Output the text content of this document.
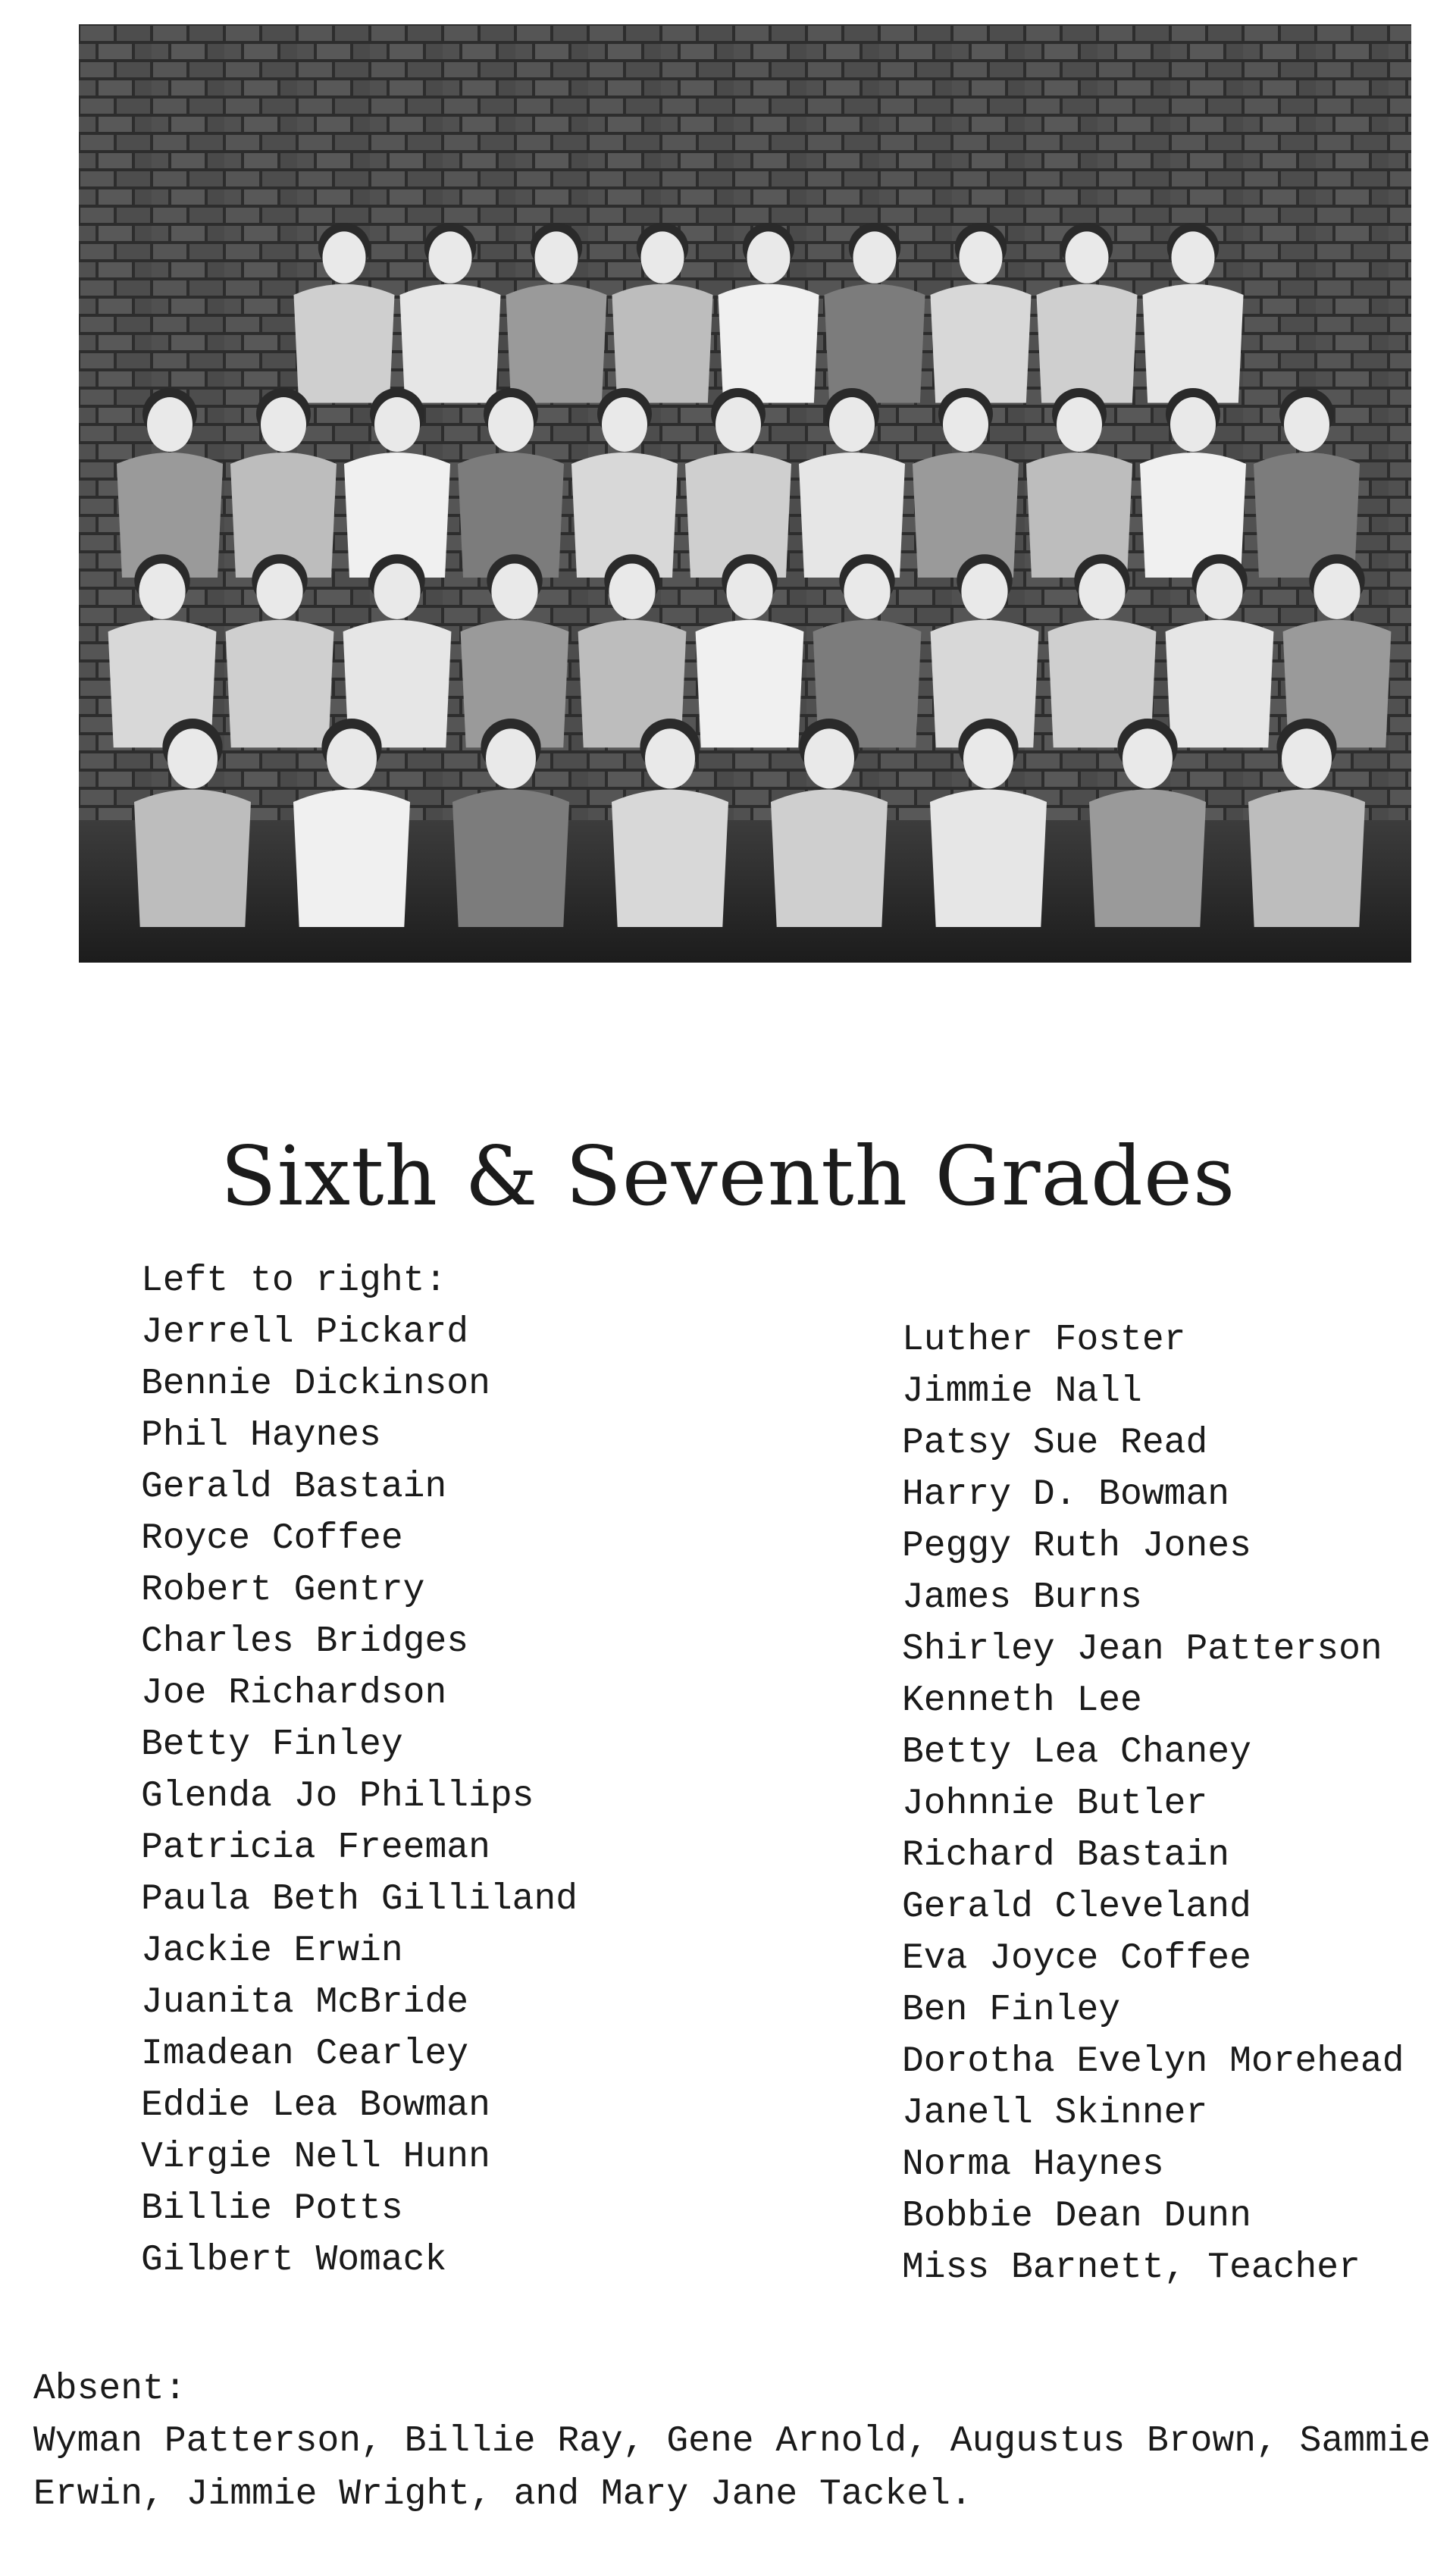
Sixth & Seventh Grades
Left to right:
Jerrell Pickard
Bennie Dickinson
Phil Haynes
Gerald Bastain
Royce Coffee
Robert Gentry
Charles Bridges
Joe Richardson
Betty Finley
Glenda Jo Phillips
Patricia Freeman
Paula Beth Gilliland
Jackie Erwin
Juanita McBride
Imadean Cearley
Eddie Lea Bowman
Virgie Nell Hunn
Billie Potts
Gilbert Womack
Luther Foster
Jimmie Nall
Patsy Sue Read
Harry D. Bowman
Peggy Ruth Jones
James Burns
Shirley Jean Patterson
Kenneth Lee
Betty Lea Chaney
Johnnie Butler
Richard Bastain
Gerald Cleveland
Eva Joyce Coffee
Ben Finley
Dorotha Evelyn Morehead
Janell Skinner
Norma Haynes
Bobbie Dean Dunn
Miss Barnett, Teacher
Absent:
Wyman Patterson, Billie Ray, Gene Arnold, Augustus Brown, Sammie Erwin, Jimmie Wright, and Mary Jane Tackel.
